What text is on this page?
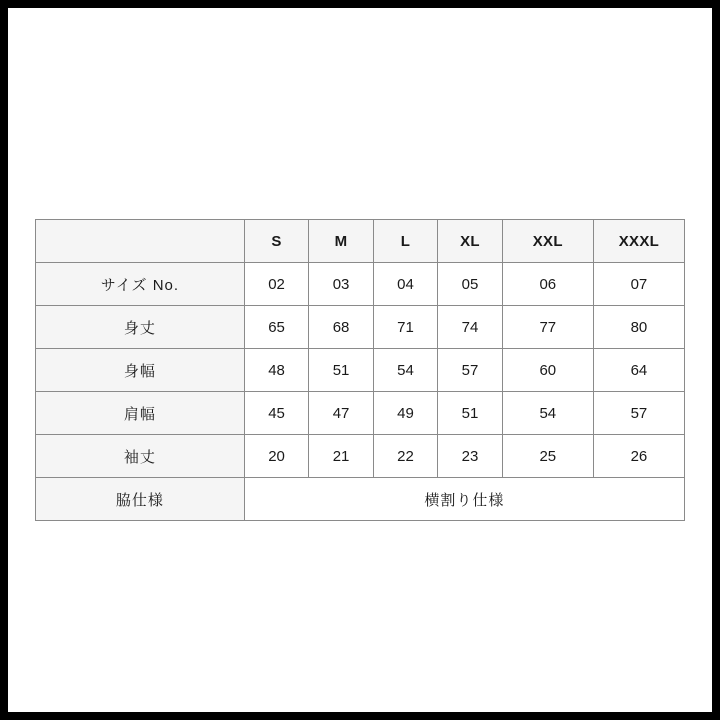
	S	M	L	XL	XXL	XXXL
サイズ No.	02	03	04	05	06	07
身丈	65	68	71	74	77	80
身幅	48	51	54	57	60	64
肩幅	45	47	49	51	54	57
袖丈	20	21	22	23	25	26
脇仕様	横割り仕様					
